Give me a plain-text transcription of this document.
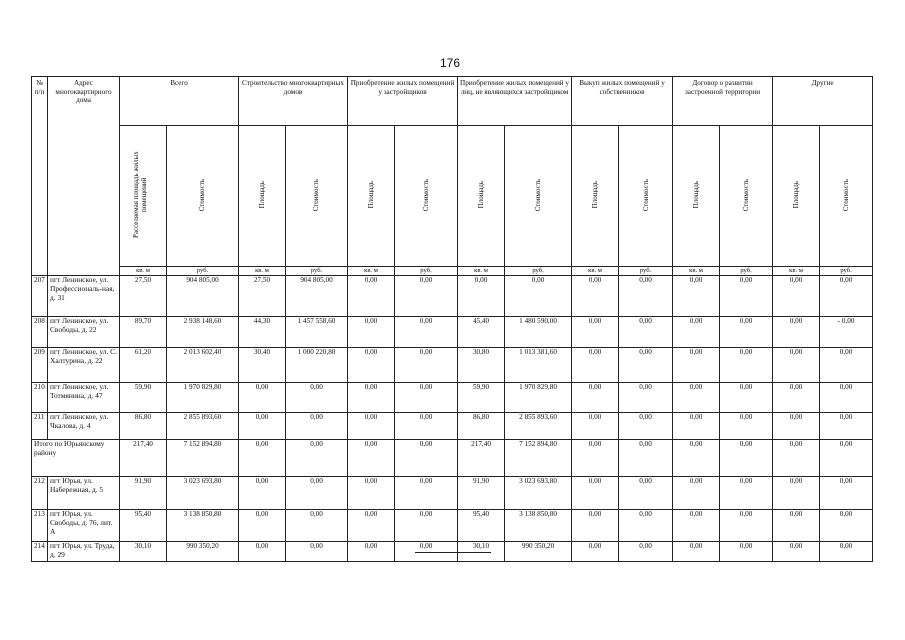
176
№ п/п	Адрес многоквартирного дома	Всего		Строительство многоквартирных домов		Приобретение жилых помещений у застройщиков		Приобретение жилых помещений у лиц, не являющихся застройщиком		Выкуп жилых помещений у собственников		Договор о развитии застроенной территории		Другие	
		Расселяемая площадь жилых помещений	Стоимость	Площадь	Стоимость	Площадь	Стоимость	Площадь	Стоимость	Площадь	Стоимость	Площадь	Стоимость	Площадь	Стоимость
		кв. м	руб.	кв. м	руб.	кв. м	руб.	кв. м	руб.	кв. м	руб.	кв. м	руб.	кв. м	руб.
207	пгт Ленинское, ул. Профессиональ-ная, д. 31	27,50	904 805,00	27,50	904 805,00	0,00	0,00	0,00	0,00	0,00	0,00	0,00	0,00	0,00	0,00
208	пгт Ленинское, ул. Свободы, д. 22	89,70	2 938 148,60	44,30	1 457 558,60	0,00	0,00	45,40	1 480 590,00	0,00	0,00	0,00	0,00	0,00	- 0,00
209	пгт Ленинское, ул. С. Халтурина, д. 22	61,20	2 013 602,40	30,40	1 000 220,80	0,00	0,00	30,80	1 013 381,60	0,00	0,00	0,00	0,00	0,00	0,00
210	пгт Ленинское, ул. Тотмянина, д. 47	59,90	1 970 829,80	0,00	0,00	0,00	0,00	59,90	1 970 829,80	0,00	0,00	0,00	0,00	0,00	0,00
211	пгт Ленинское, ул. Чкалова, д. 4	86,80	2 855 893,60	0,00	0,00	0,00	0,00	86,80	2 855 893,60	0,00	0,00	0,00	0,00	0,00	0,00
Итого по Юрьянскому району		217,40	7 152 894,80	0,00	0,00	0,00	0,00	217,40	7 152 894,80	0,00	0,00	0,00	0,00	0,00	0,00
212	пгт Юрья, ул. Набережная, д. 5	91,90	3 023 693,80	0,00	0,00	0,00	0,00	91,90	3 023 693,80	0,00	0,00	0,00	0,00	0,00	0,00
213	пгт Юрья, ул. Свободы, д. 76, лит. А	95,40	3 138 850,80	0,00	0,00	0,00	0,00	95,40	3 138 850,80	0,00	0,00	0,00	0,00	0,00	0,00
214	пгт Юрья, ул. Труда, д. 29	30,10	990 350,20	0,00	0,00	0,00	0,00	30,10	990 350,20	0,00	0,00	0,00	0,00	0,00	0,00
